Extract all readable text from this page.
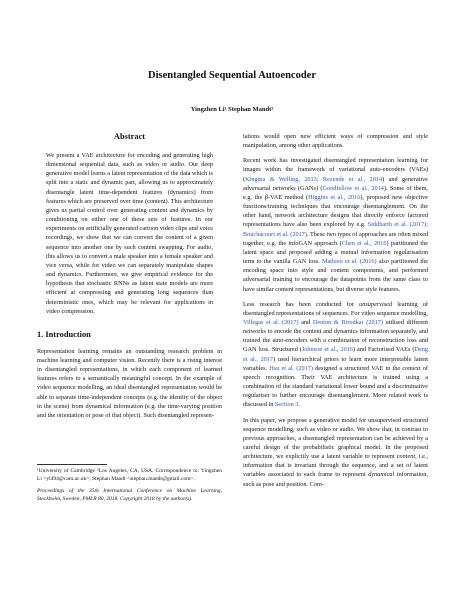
Disentangled Sequential Autoencoder
Yingzhen Li¹ Stephan Mandt²
Abstract

We present a VAE architecture for encoding and generating high dimensional sequential data, such as video or audio. Our deep generative model learns a latent representation of the data which is split into a static and dynamic part, allowing us to approximately disentangle latent time-dependent features (dynamics) from features which are preserved over time (content). This architecture gives us partial control over generating content and dynamics by conditioning on either one of these sets of features. In our experiments on artificially generated cartoon video clips and voice recordings, we show that we can convert the content of a given sequence into another one by such content swapping. For audio, this allows us to convert a male speaker into a female speaker and vice versa, while for video we can separately manipulate shapes and dynamics. Furthermore, we give empirical evidence for the hypothesis that stochastic RNNs as latent state models are more efficient at compressing and generating long sequences than deterministic ones, which may be relevant for applications in video compression.

1. Introduction

Representation learning remains an outstanding research problem in machine learning and computer vision. Recently there is a rising interest in disentangled representations, in which each component of learned features refers to a semantically meaningful concept. In the example of video sequence modelling, an ideal disentangled representation would be able to separate time-independent concepts (e.g. the identity of the object in the scene) from dynamical information (e.g. the time-varying position and the orientation or pose of that object). Such disentangled represen-

¹University of Cambridge ²Los Angeles, CA, USA. Correspondence to: Yingzhen Li <yl494@cam.ac.uk>, Stephan Mandt <stephan.mandt@gmail.com>.

Proceedings of the 35th International Conference on Machine Learning, Stockholm, Sweden, PMLR 80, 2018. Copyright 2018 by the author(s).

tations would open new efficient ways of compression and style manipulation, among other applications.

Recent work has investigated disentangled representation learning for images within the framework of variational auto-encoders (VAEs) (Kingma & Welling, 2013; Rezende et al., 2014) and generative adversarial networks (GANs) (Goodfellow et al., 2014). Some of them, e.g. the β-VAE method (Higgins et al., 2016), proposed new objective functions/training techniques that encourage disentanglement. On the other hand, network architecture designs that directly enforce factored representations have also been explored by e.g. Siddharth et al. (2017); Bouchacourt et al. (2017). These two types of approaches are often mixed together, e.g. the infoGAN approach (Chen et al., 2016) partitioned the latent space and proposed adding a mutual information regularisation term to the vanilla GAN loss. Mathieu et al. (2016) also partitioned the encoding space into style and content components, and performed adversarial training to encourage the datapoints from the same class to have similar content representations, but diverse style features.

Less research has been conducted for unsupervised learning of disentangled representations of sequences. For video sequence modelling, Villegas et al. (2017) and Denton & Birodkar (2017) utilised different networks to encode the content and dynamics information separately, and trained the auto-encoders with a combination of reconstruction loss and GAN loss. Structured (Johnson et al., 2016) and Factorised VAEs (Deng et al., 2017) used hierarchical priors to learn more interpretable latent variables. Hsu et al. (2017) designed a structured VAE in the context of speech recognition. Their VAE architecture is trained using a combination of the standard variational lower bound and a discriminative regulariser to further encourage disentanglement. More related work is discussed in Section 3.

In this paper, we propose a generative model for unsupervised structured sequence modelling, such as video or audio. We show that, in contrast to previous approaches, a disentangled representation can be achieved by a careful design of the probabilistic graphical model. In the proposed architecture, we explicitly use a latent variable to represent content, i.e., information that is invariant through the sequence, and a set of latent variables associated to each frame to represent dynamical information, such as pose and position. Com-
